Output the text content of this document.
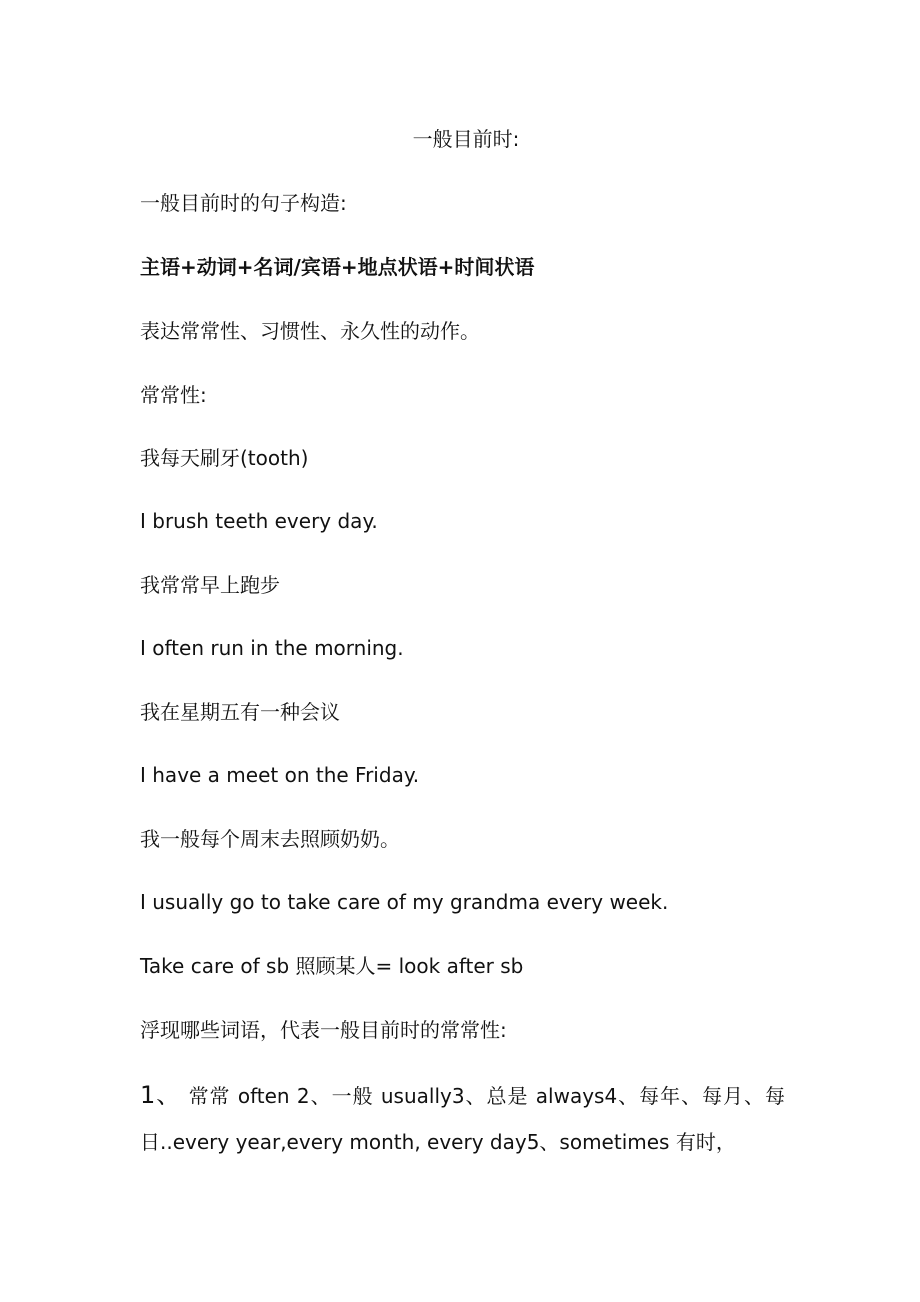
一般目前时:
一般目前时的句子构造:
主语+动词+名词/宾语+地点状语+时间状语
表达常常性、习惯性、永久性的动作。
常常性:
我每天刷牙(tooth)
I brush teeth every day.
我常常早上跑步
I often run in the morning.
我在星期五有一种会议
I have a meet on the Friday.
我一般每个周末去照顾奶奶。
I usually go to take care of my grandma every week.
Take care of sb 照顾某人= look after sb
浮现哪些词语，代表一般目前时的常常性:
1、 常常 often 2、一般 usually3、总是 always4、每年、每月、每日..every year,every month, every day5、sometimes 有时，
